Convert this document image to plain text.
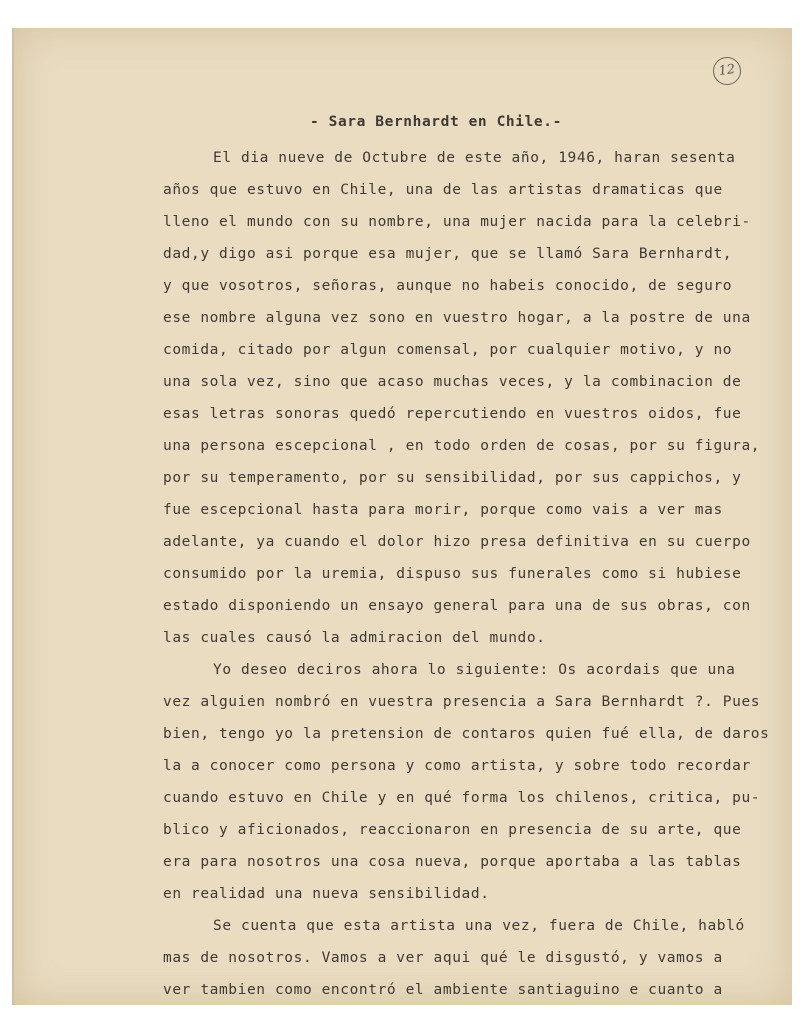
12
- Sara Bernhardt en Chile.-
El dia nueve de Octubre de este año, 1946, haran sesenta
años que estuvo en Chile, una de las artistas dramaticas que
lleno el mundo con su nombre, una mujer nacida para la celebri-
dad,y digo asi porque esa mujer, que se llamó Sara Bernhardt,
y que vosotros, señoras, aunque no habeis conocido, de seguro
ese nombre alguna vez sono en vuestro hogar, a la postre de una
comida, citado por algun comensal, por cualquier motivo, y no
una sola vez, sino que acaso muchas veces, y la combinacion de
esas letras sonoras quedó repercutiendo en vuestros oidos, fue
una persona escepcional , en todo orden de cosas, por su figura,
por su temperamento, por su sensibilidad, por sus cappichos, y
fue escepcional hasta para morir, porque como vais a ver mas
adelante, ya cuando el dolor hizo presa definitiva en su cuerpo
consumido por la uremia, dispuso sus funerales como si hubiese
estado disponiendo un ensayo general para una de sus obras, con
las cuales causó la admiracion del mundo.
Yo deseo deciros ahora lo siguiente: Os acordais que una
vez alguien nombró en vuestra presencia a Sara Bernhardt ?. Pues
bien, tengo yo la pretension de contaros quien fué ella, de daros
la a conocer como persona y como artista, y sobre todo recordar
cuando estuvo en Chile y en qué forma los chilenos, critica, pu-
blico y aficionados, reaccionaron en presencia de su arte, que
era para nosotros una cosa nueva, porque aportaba a las tablas
en realidad una nueva sensibilidad.
Se cuenta que esta artista una vez, fuera de Chile, habló
mas de nosotros. Vamos a ver aqui qué le disgustó, y vamos a
ver tambien como encontró el ambiente santiaguino e cuanto a
